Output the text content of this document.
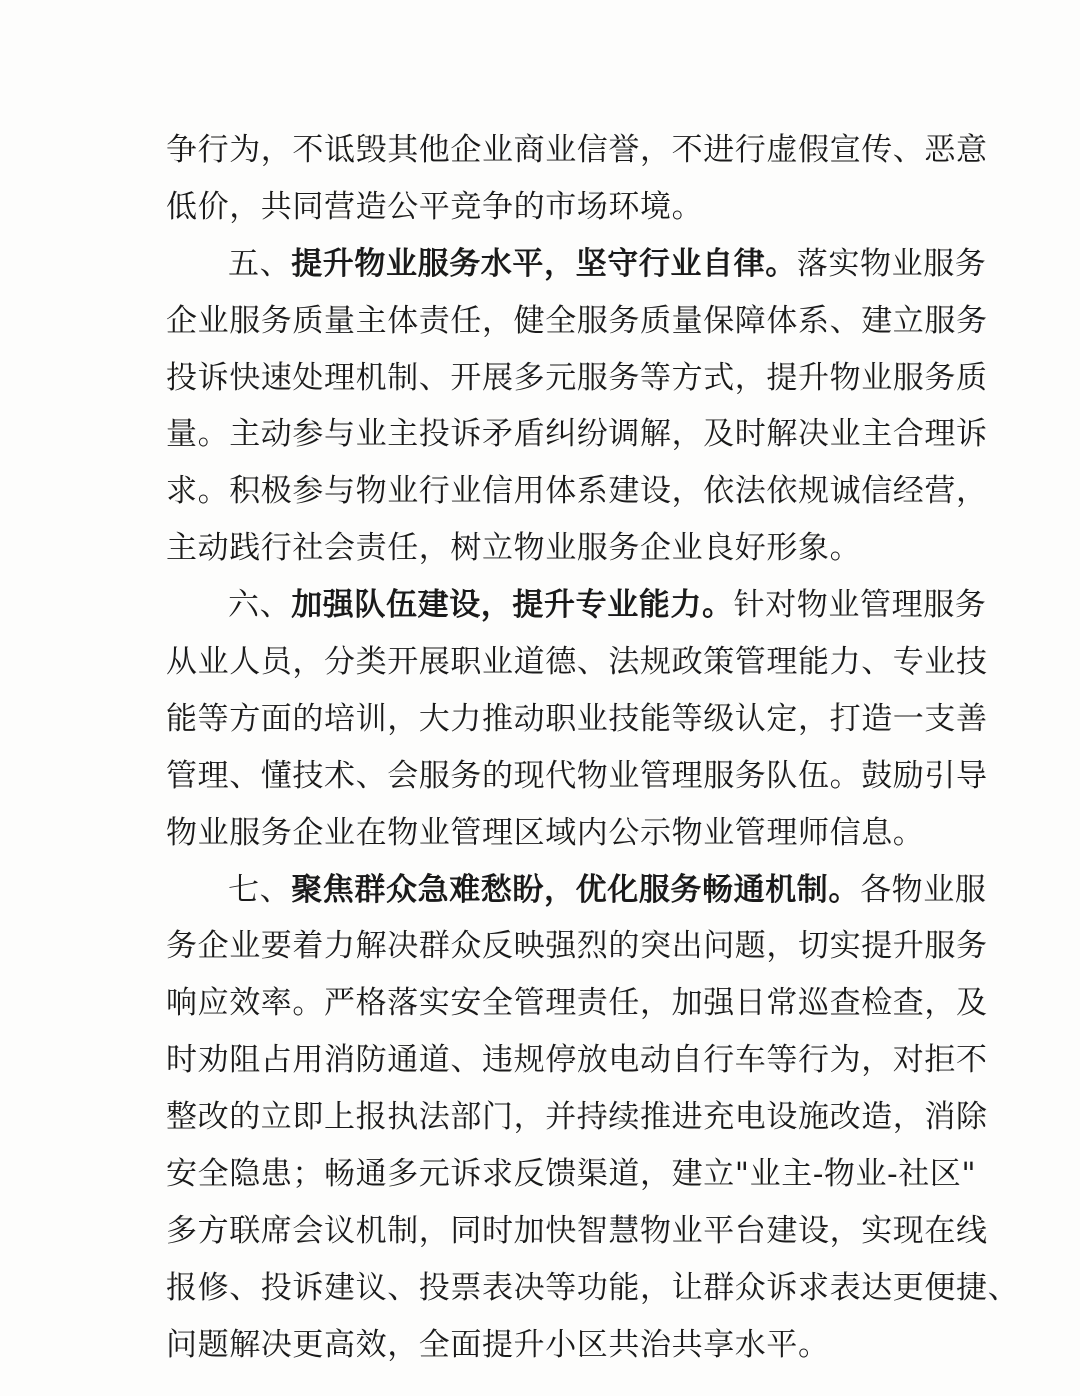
争行为，不诋毁其他企业商业信誉，不进行虚假宣传、恶意
低价，共同营造公平竞争的市场环境。
五、提升物业服务水平，坚守行业自律。落实物业服务
企业服务质量主体责任，健全服务质量保障体系、建立服务
投诉快速处理机制、开展多元服务等方式，提升物业服务质
量。主动参与业主投诉矛盾纠纷调解，及时解决业主合理诉
求。积极参与物业行业信用体系建设，依法依规诚信经营，
主动践行社会责任，树立物业服务企业良好形象。
六、加强队伍建设，提升专业能力。针对物业管理服务
从业人员，分类开展职业道德、法规政策管理能力、专业技
能等方面的培训，大力推动职业技能等级认定，打造一支善
管理、懂技术、会服务的现代物业管理服务队伍。鼓励引导
物业服务企业在物业管理区域内公示物业管理师信息。
七、聚焦群众急难愁盼，优化服务畅通机制。各物业服
务企业要着力解决群众反映强烈的突出问题，切实提升服务
响应效率。严格落实安全管理责任，加强日常巡查检查，及
时劝阻占用消防通道、违规停放电动自行车等行为，对拒不
整改的立即上报执法部门，并持续推进充电设施改造，消除
安全隐患；畅通多元诉求反馈渠道，建立"业主-物业-社区"
多方联席会议机制，同时加快智慧物业平台建设，实现在线
报修、投诉建议、投票表决等功能，让群众诉求表达更便捷、
问题解决更高效，全面提升小区共治共享水平。
